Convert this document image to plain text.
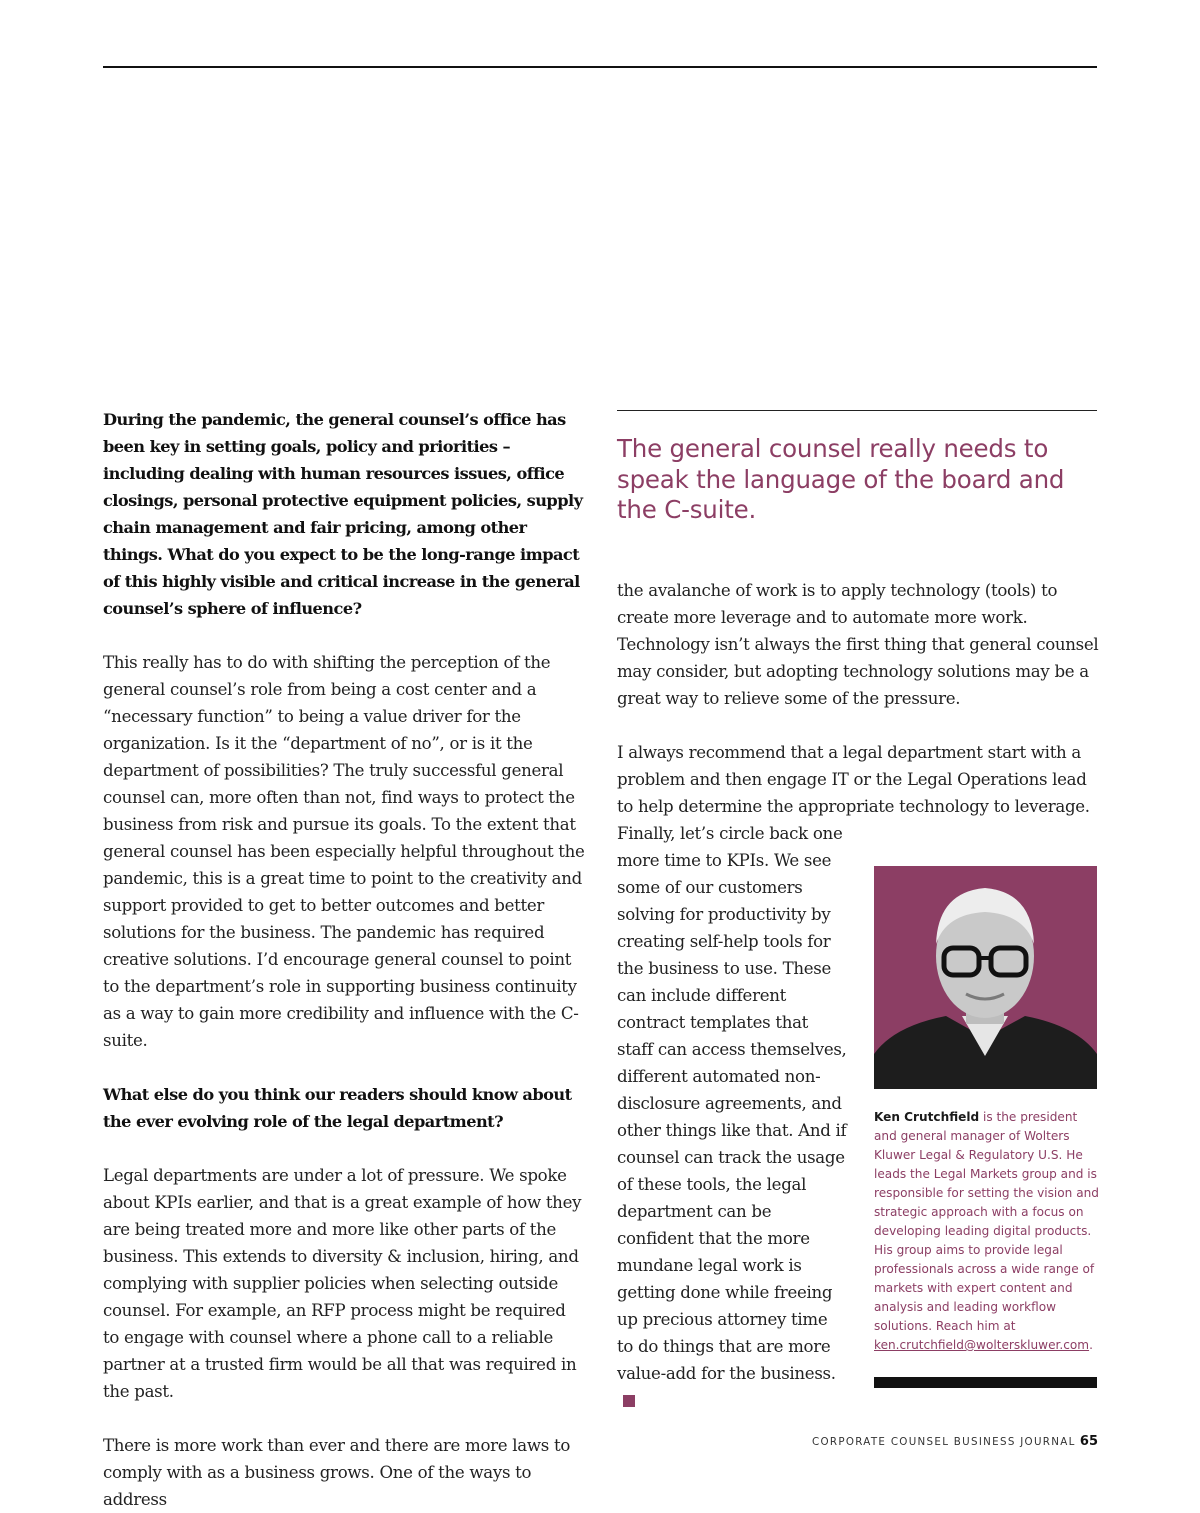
During the pandemic, the general counsel’s office has been key in setting goals, policy and priorities – including dealing with human resources issues, office closings, personal protective equipment policies, supply chain management and fair pricing, among other things. What do you expect to be the long-range impact of this highly visible and critical increase in the general counsel’s sphere of influence?

This really has to do with shifting the perception of the general counsel’s role from being a cost center and a “necessary function” to being a value driver for the organization. Is it the “department of no”, or is it the department of possibilities? The truly successful general counsel can, more often than not, find ways to protect the business from risk and pursue its goals. To the extent that general counsel has been especially helpful throughout the pandemic, this is a great time to point to the creativity and support provided to get to better outcomes and better solutions for the business. The pandemic has required creative solutions. I’d encourage general counsel to point to the department’s role in supporting business continuity as a way to gain more credibility and influence with the C-suite.

What else do you think our readers should know about the ever evolving role of the legal department?

Legal departments are under a lot of pressure. We spoke about KPIs earlier, and that is a great example of how they are being treated more and more like other parts of the business. This extends to diversity & inclusion, hiring, and complying with supplier policies when selecting outside counsel. For example, an RFP process might be required to engage with counsel where a phone call to a reliable partner at a trusted firm would be all that was required in the past.

There is more work than ever and there are more laws to comply with as a business grows. One of the ways to address

The general counsel really needs to speak the language of the board and the C-suite.

the avalanche of work is to apply technology (tools) to create more leverage and to automate more work. Technology isn’t always the first thing that general counsel may consider, but adopting technology solutions may be a great way to relieve some of the pressure.

I always recommend that a legal department start with a problem and then engage IT or the Legal Operations lead to help determine the appropriate technology to leverage.

Finally, let’s circle back one more time to KPIs. We see some of our customers solving for productivity by creating self-help tools for the business to use. These can include different contract templates that staff can access themselves, different automated non-disclosure agreements, and other things like that. And if counsel can track the usage of these tools, the legal department can be confident that the more mundane legal work is getting done while freeing up precious attorney time to do things that are more value-add for the business.

Ken Crutchfield is the president and general manager of Wolters Kluwer Legal & Regulatory U.S. He leads the Legal Markets group and is responsible for setting the vision and strategic approach with a focus on developing leading digital products. His group aims to provide legal professionals across a wide range of markets with expert content and analysis and leading workflow solutions. Reach him at ken.crutchfield@wolterskluwer.com.

CORPORATE COUNSEL BUSINESS JOURNAL 65
